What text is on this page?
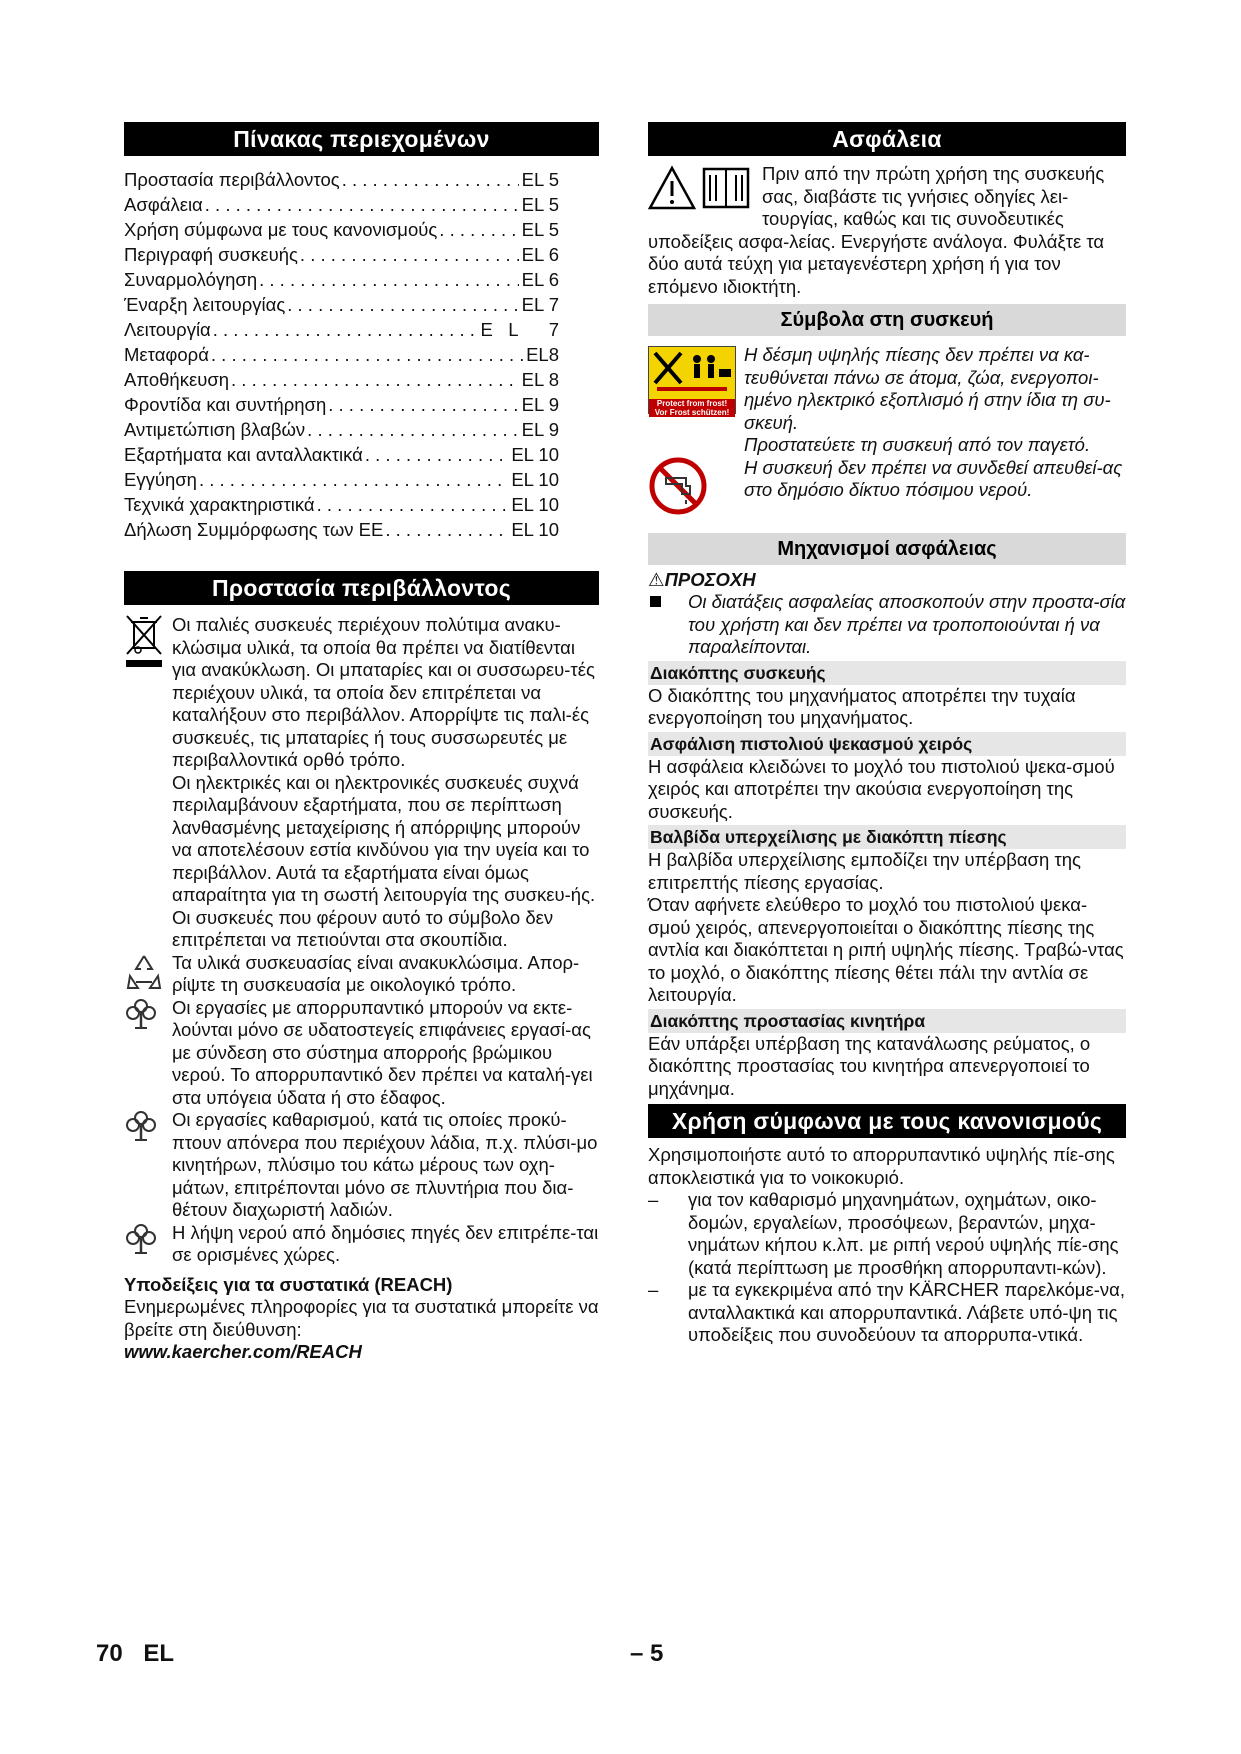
Πίνακας περιεχομένων
Προστασία περιβάλλοντος . . .	EL 5
Ασφάλεια . . .	EL 5
Χρήση σύμφωνα με τους κανονισμούς . . .	EL 5
Περιγραφή συσκευής . . .	EL 6
Συναρμολόγηση . . .	EL 6
Έναρξη λειτουργίας . . .	EL 7
Λειτουργία . . .	E   L      7
Μεταφορά . . .	EL8
Αποθήκευση . . .	EL 8
Φροντίδα και συντήρηση . . .	EL 9
Αντιμετώπιση βλαβών . . .	EL 9
Εξαρτήματα και ανταλλακτικά . . .	EL 10
Εγγύηση . . .	EL 10
Τεχνικά χαρακτηριστικά . . .	EL 10
Δήλωση Συμμόρφωσης των ΕΕ . . .	EL 10
Προστασία περιβάλλοντος

Οι παλιές συσκευές περιέχουν πολύτιμα ανακυ-κλώσιμα υλικά, τα οποία θα πρέπει να διατίθενται για ανακύκλωση. Οι μπαταρίες και οι συσσωρευ-τές περιέχουν υλικά, τα οποία δεν επιτρέπεται να καταλήξουν στο περιβάλλον. Απορρίψτε τις παλι-ές συσκευές, τις μπαταρίες ή τους συσσωρευτές με περιβαλλοντικά ορθό τρόπο.

Οι ηλεκτρικές και οι ηλεκτρονικές συσκευές συχνά περιλαμβάνουν εξαρτήματα, που σε περίπτωση λανθασμένης μεταχείρισης ή απόρριψης μπορούν να αποτελέσουν εστία κινδύνου για την υγεία και το περιβάλλον. Αυτά τα εξαρτήματα είναι όμως απαραίτητα για τη σωστή λειτουργία της συσκευ-ής. Οι συσκευές που φέρουν αυτό το σύμβολο δεν επιτρέπεται να πετιούνται στα σκουπίδια.

Τα υλικά συσκευασίας είναι ανακυκλώσιμα. Απορ-ρίψτε τη συσκευασία με οικολογικό τρόπο.

Οι εργασίες με απορρυπαντικό μπορούν να εκτε-λούνται μόνο σε υδατοστεγείς επιφάνειες εργασί-ας με σύνδεση στο σύστημα απορροής βρώμικου νερού. Το απορρυπαντικό δεν πρέπει να καταλή-γει στα υπόγεια ύδατα ή στο έδαφος.

Οι εργασίες καθαρισμού, κατά τις οποίες προκύ-πτουν απόνερα που περιέχουν λάδια, π.χ. πλύσι-μο κινητήρων, πλύσιμο του κάτω μέρους των οχη-μάτων, επιτρέπονται μόνο σε πλυντήρια που δια-θέτουν διαχωριστή λαδιών.

Η λήψη νερού από δημόσιες πηγές δεν επιτρέπε-ται σε ορισμένες χώρες.

Υποδείξεις για τα συστατικά (REACH)

Ενημερωμένες πληροφορίες για τα συστατικά μπορείτε να βρείτε στη διεύθυνση:

www.kaercher.com/REACH

Ασφάλεια

Πριν από την πρώτη χρήση της συσκευής σας, διαβάστε τις γνήσιες οδηγίες λει-τουργίας, καθώς και τις συνοδευτικές υποδείξεις ασφα-λείας. Ενεργήστε ανάλογα. Φυλάξτε τα δύο αυτά τεύχη για μεταγενέστερη χρήση ή για τον επόμενο ιδιοκτήτη.

Σύμβολα στη συσκευή
Protect from frost!
Vor Frost schützen!

Η δέσμη υψηλής πίεσης δεν πρέπει να κα-τευθύνεται πάνω σε άτομα, ζώα, ενεργοποι-ημένο ηλεκτρικό εξοπλισμό ή στην ίδια τη συ-σκευή.

Προστατεύετε τη συσκευή από τον παγετό.

Η συσκευή δεν πρέπει να συνδεθεί απευθεί-ας στο δημόσιο δίκτυο πόσιμου νερού.

Μηχανισμοί ασφάλειας

⚠ΠΡΟΣΟΧΗ

Οι διατάξεις ασφαλείας αποσκοπούν στην προστα-σία του χρήστη και δεν πρέπει να τροποποιούνται ή να παραλείπονται.

Διακόπτης συσκευής

Ο διακόπτης του μηχανήματος αποτρέπει την τυχαία ενεργοποίηση του μηχανήματος.

Ασφάλιση πιστολιού ψεκασμού χειρός

Η ασφάλεια κλειδώνει το μοχλό του πιστολιού ψεκα-σμού χειρός και αποτρέπει την ακούσια ενεργοποίηση της συσκευής.

Βαλβίδα υπερχείλισης με διακόπτη πίεσης

Η βαλβίδα υπερχείλισης εμποδίζει την υπέρβαση της επιτρεπτής πίεσης εργασίας.

Όταν αφήνετε ελεύθερο το μοχλό του πιστολιού ψεκα-σμού χειρός, απενεργοποιείται ο διακόπτης πίεσης της αντλία και διακόπτεται η ριπή υψηλής πίεσης. Τραβώ-ντας το μοχλό, ο διακόπτης πίεσης θέτει πάλι την αντλία σε λειτουργία.

Διακόπτης προστασίας κινητήρα

Εάν υπάρξει υπέρβαση της κατανάλωσης ρεύματος, ο διακόπτης προστασίας του κινητήρα απενεργοποιεί το μηχάνημα.

Χρήση σύμφωνα με τους κανονισμούς

Χρησιμοποιήστε αυτό το απορρυπαντικό υψηλής πίε-σης αποκλειστικά για το νοικοκυριό.

– για τον καθαρισμό μηχανημάτων, οχημάτων, οικο-δομών, εργαλείων, προσόψεων, βεραντών, μηχα-νημάτων κήπου κ.λπ. με ριπή νερού υψηλής πίε-σης (κατά περίπτωση με προσθήκη απορρυπαντι-κών).

– με τα εγκεκριμένα από την KÄRCHER παρελκόμε-να, ανταλλακτικά και απορρυπαντικά. Λάβετε υπό-ψη τις υποδείξεις που συνοδεύουν τα απορρυπα-ντικά.

70 EL	– 5
